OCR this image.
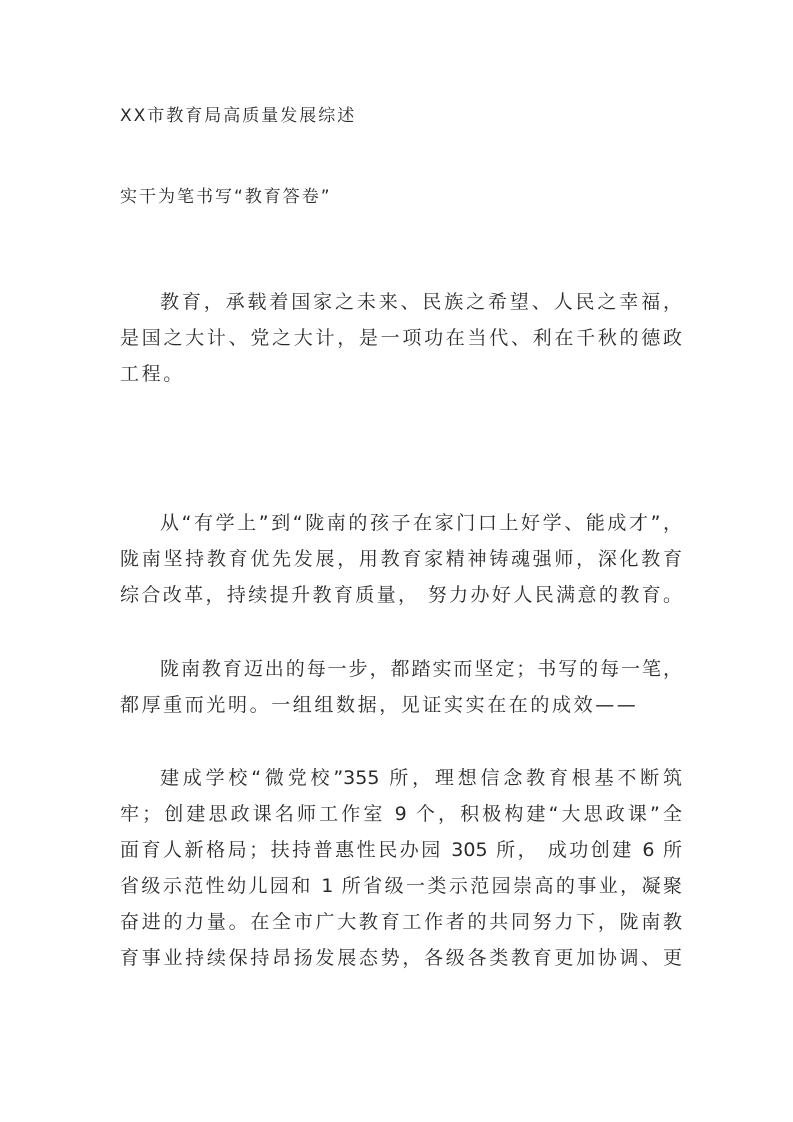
XX市教育局高质量发展综述
实干为笔书写“教育答卷”
教育，承载着国家之未来、民族之希望、人民之幸福，
是国之大计、党之大计，是一项功在当代、利在千秋的德政
工程。
从“有学上”到“陇南的孩子在家门口上好学、能成才”，
陇南坚持教育优先发展，用教育家精神铸魂强师，深化教育
综合改革，持续提升教育质量， 努力办好人民满意的教育。
陇南教育迈出的每一步，都踏实而坚定；书写的每一笔，
都厚重而光明。一组组数据，见证实实在在的成效——
建成学校“微党校”355 所，理想信念教育根基不断筑
牢；创建思政课名师工作室 9 个，积极构建“大思政课”全
面育人新格局；扶持普惠性民办园 305 所， 成功创建 6 所
省级示范性幼儿园和 1 所省级一类示范园崇高的事业，凝聚
奋进的力量。在全市广大教育工作者的共同努力下，陇南教
育事业持续保持昂扬发展态势，各级各类教育更加协调、更
